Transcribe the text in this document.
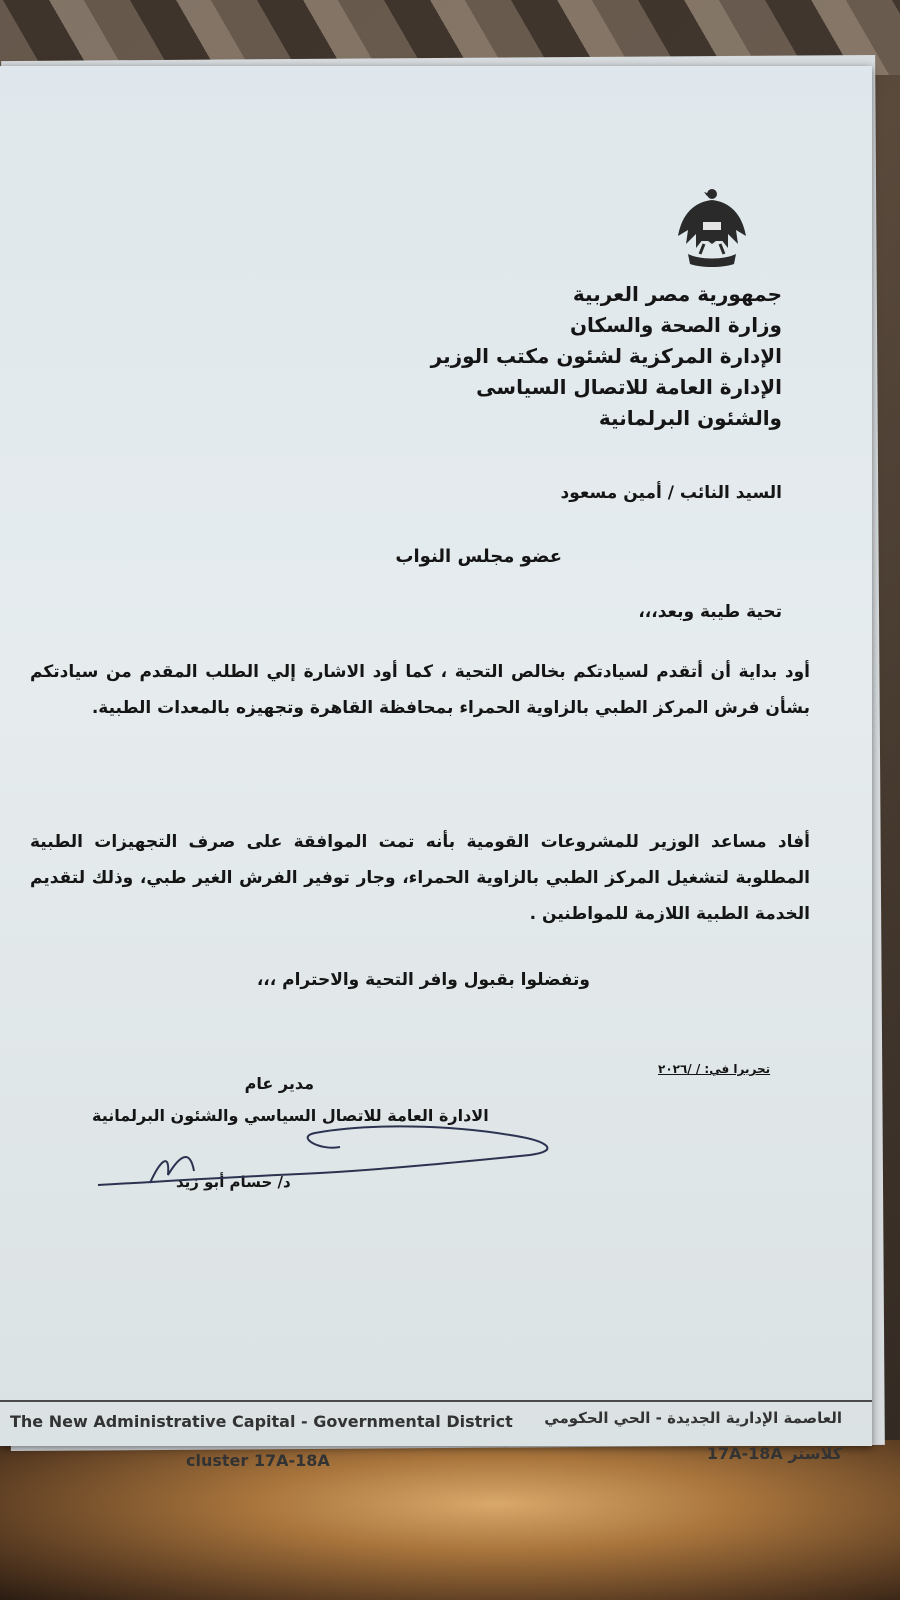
جمهورية مصر العربية
وزارة الصحة والسكان
الإدارة المركزية لشئون مكتب الوزير
الإدارة العامة للاتصال السياسى
والشئون البرلمانية
السيد النائب / أمين مسعود
عضو مجلس النواب
تحية طيبة وبعد،،،
أود بداية أن أتقدم لسيادتكم بخالص التحية ، كما أود الاشارة إلي الطلب المقدم من سيادتكم بشأن فرش المركز الطبي بالزاوية الحمراء بمحافظة القاهرة وتجهيزه بالمعدات الطبية.
أفاد مساعد الوزير للمشروعات القومية بأنه تمت الموافقة على صرف التجهيزات الطبية المطلوبة لتشغيل المركز الطبي بالزاوية الحمراء، وجار توفير الفرش الغير طبي، وذلك لتقديم الخدمة الطبية اللازمة للمواطنين .
وتفضلوا بقبول وافر التحية والاحترام ،،،
تحريرا في: / /٢٠٢٦
مدير عام
الادارة العامة للاتصال السياسي والشئون البرلمانية
د/ حسام أبو زيد
The New Administrative Capital - Governmental District
cluster 17A-18A
العاصمة الإدارية الجديدة - الحي الحكومي
كلاستر 17A-18A
